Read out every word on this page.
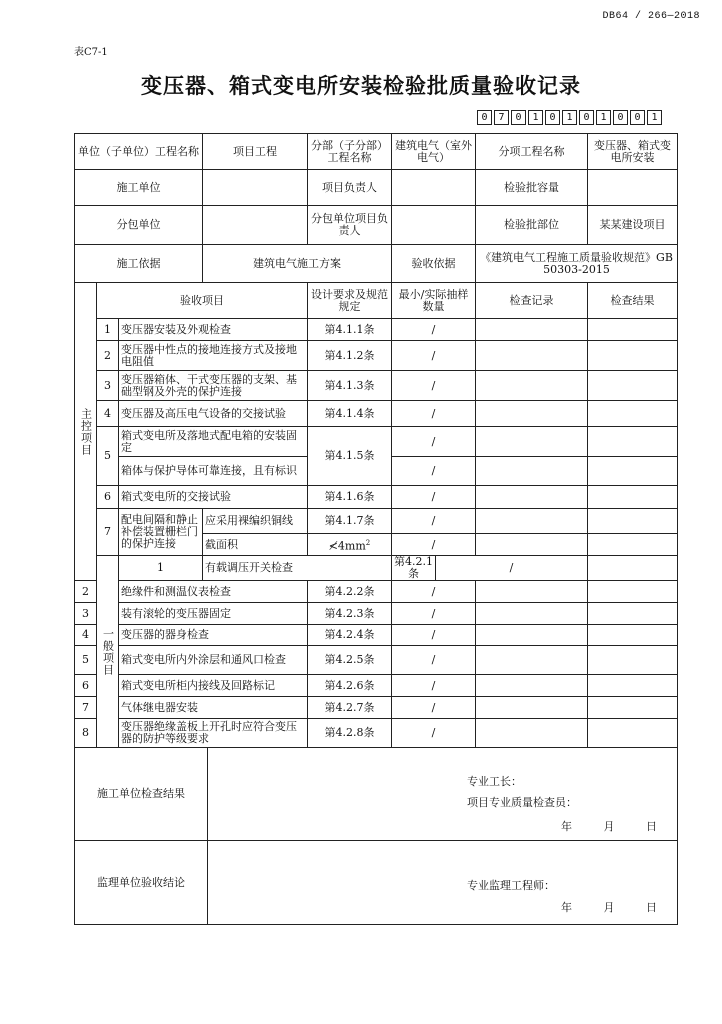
DB64 / 266—2018
表C7-1
变压器、箱式变电所安装检验批质量验收记录
0	7	0	1	0	1	0	1	0	0	1
单位（子单位）工程名称			项目工程		分部（子分部）工程名称	建筑电气（室外电气）		分项工程名称	变压器、箱式变电所安装	
施工单位					项目负责人			检验批容量		
分包单位					分包单位项目负责人			检验批部位	某某建设项目	
施工依据			建筑电气施工方案			验收依据		《建筑电气工程施工质量验收规范》GB50303-2015		
主控项目	验收项目				设计要求及规范规定	最小/实际抽样数量		检查记录	检查结果	
	1	变压器安装及外观检查			第4.1.1条	/				
	2	变压器中性点的接地连接方式及接地电阻值			第4.1.2条	/				
	3	变压器箱体、干式变压器的支架、基础型钢及外壳的保护连接			第4.1.3条	/				
	4	变压器及高压电气设备的交接试验			第4.1.4条	/				
	5	箱式变电所及落地式配电箱的安装固定			第4.1.5条	/				
		箱体与保护导体可靠连接，且有标识				/				
	6	箱式变电所的交接试验			第4.1.6条	/				
	7	配电间隔和静止补偿装置栅栏门的保护连接	应采用裸编织铜线		第4.1.7条	/				
			截面积		$≮4mm^2$	/				
	一般项目	1	有载调压开关检查			第4.2.1条	/			
2		绝缘件和测温仪表检查			第4.2.2条	/				
3		装有滚轮的变压器固定			第4.2.3条	/				
4		变压器的器身检查			第4.2.4条	/				
5		箱式变电所内外涂层和通风口检查			第4.2.5条	/				
6		箱式变电所柜内接线及回路标记			第4.2.6条	/				
7		气体继电器安装			第4.2.7条	/				
8		变压器绝缘盖板上开孔时应符合变压器的防护等级要求			第4.2.8条	/				
施工单位检查结果				专业工长：
项目专业质量检查员：
年 月 日						

监理单位验收结论				专业监理工程师：
年 月 日						
